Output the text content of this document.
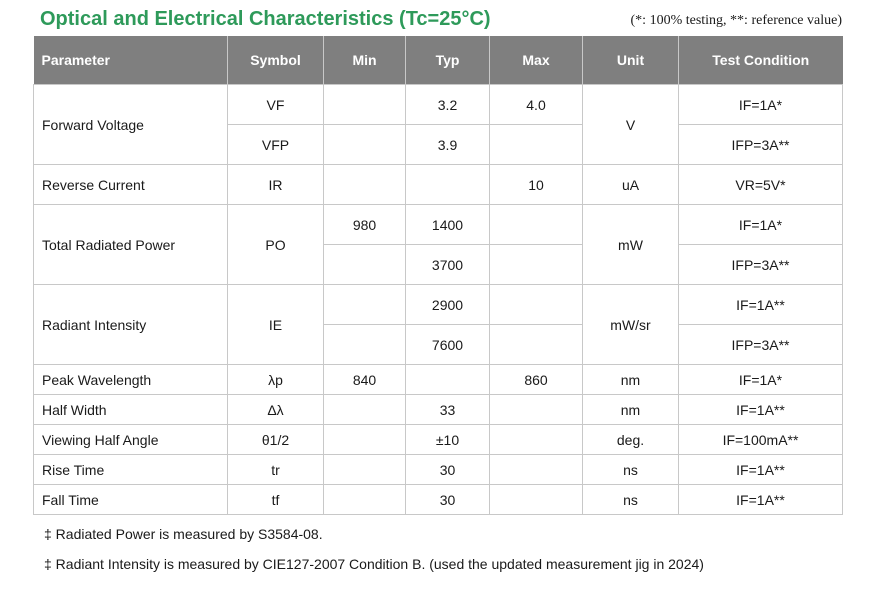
Optical and Electrical Characteristics (Tc=25°C)	(*: 100% testing, **: reference value)
Parameter	Symbol	Min	Typ	Max	Unit	Test Condition
Forward Voltage	VF		3.2	4.0	V	IF=1A*
	VFP		3.9			IFP=3A**
Reverse Current	IR			10	uA	VR=5V*
Total Radiated Power	PO	980	1400		mW	IF=1A*
			3700			IFP=3A**
Radiant Intensity	IE		2900		mW/sr	IF=1A**
			7600			IFP=3A**
Peak Wavelength	λp	840		860	nm	IF=1A*
Half Width	Δλ		33		nm	IF=1A**
Viewing Half Angle	θ1/2		±10		deg.	IF=100mA**
Rise Time	tr		30		ns	IF=1A**
Fall Time	tf		30		ns	IF=1A**
‡ Radiated Power is measured by S3584-08.
‡ Radiant Intensity is measured by CIE127-2007 Condition B. (used the updated measurement jig in 2024)
